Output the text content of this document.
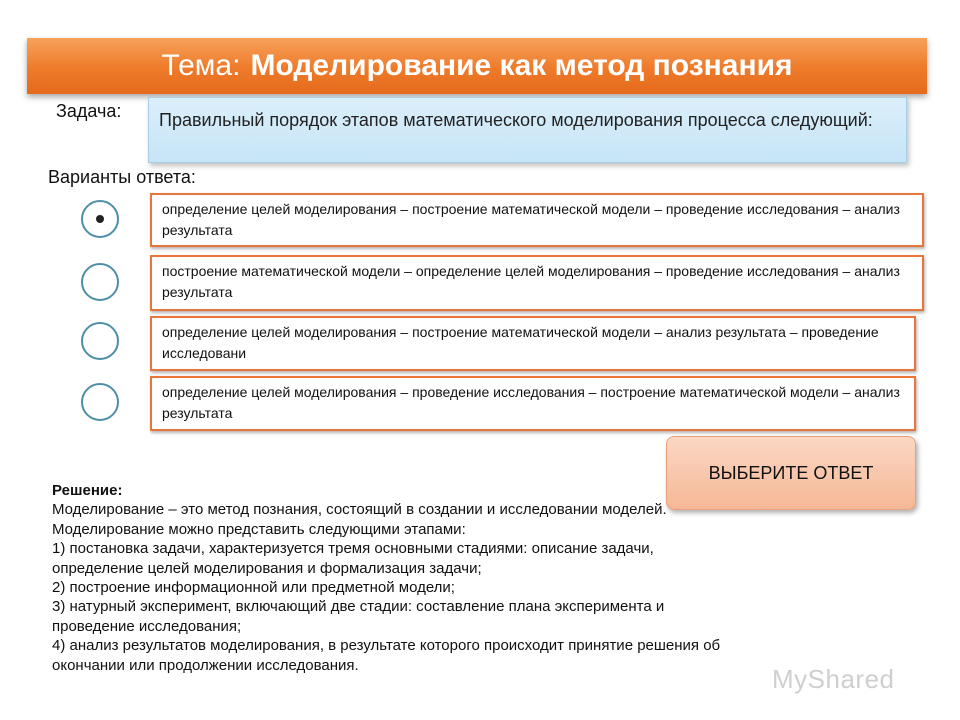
Тема: Моделирование как метод познания
Задача:	Правильный порядок этапов математического моделирования процесса следующий:
Варианты ответа:
определение целей моделирования – построение математической модели – проведение исследования – анализ результата
построение математической модели – определение целей моделирования – проведение исследования – анализ результата
определение целей моделирования – построение математической модели – анализ результата – проведение исследовани
определение целей моделирования – проведение исследования – построение математической модели – анализ результата
ВЫБЕРИТЕ ОТВЕТ
Решение:
Моделирование – это метод познания, состоящий в создании и исследовании моделей.
Моделирование можно представить следующими этапами:
1) постановка задачи, характеризуется тремя основными стадиями: описание задачи,
определение целей моделирования и формализация задачи;
2) построение информационной или предметной модели;
3) натурный эксперимент, включающий две стадии: составление плана эксперимента и
проведение исследования;
4) анализ результатов моделирования, в результате которого происходит принятие решения об
окончании или продолжении исследования.	MyShared
